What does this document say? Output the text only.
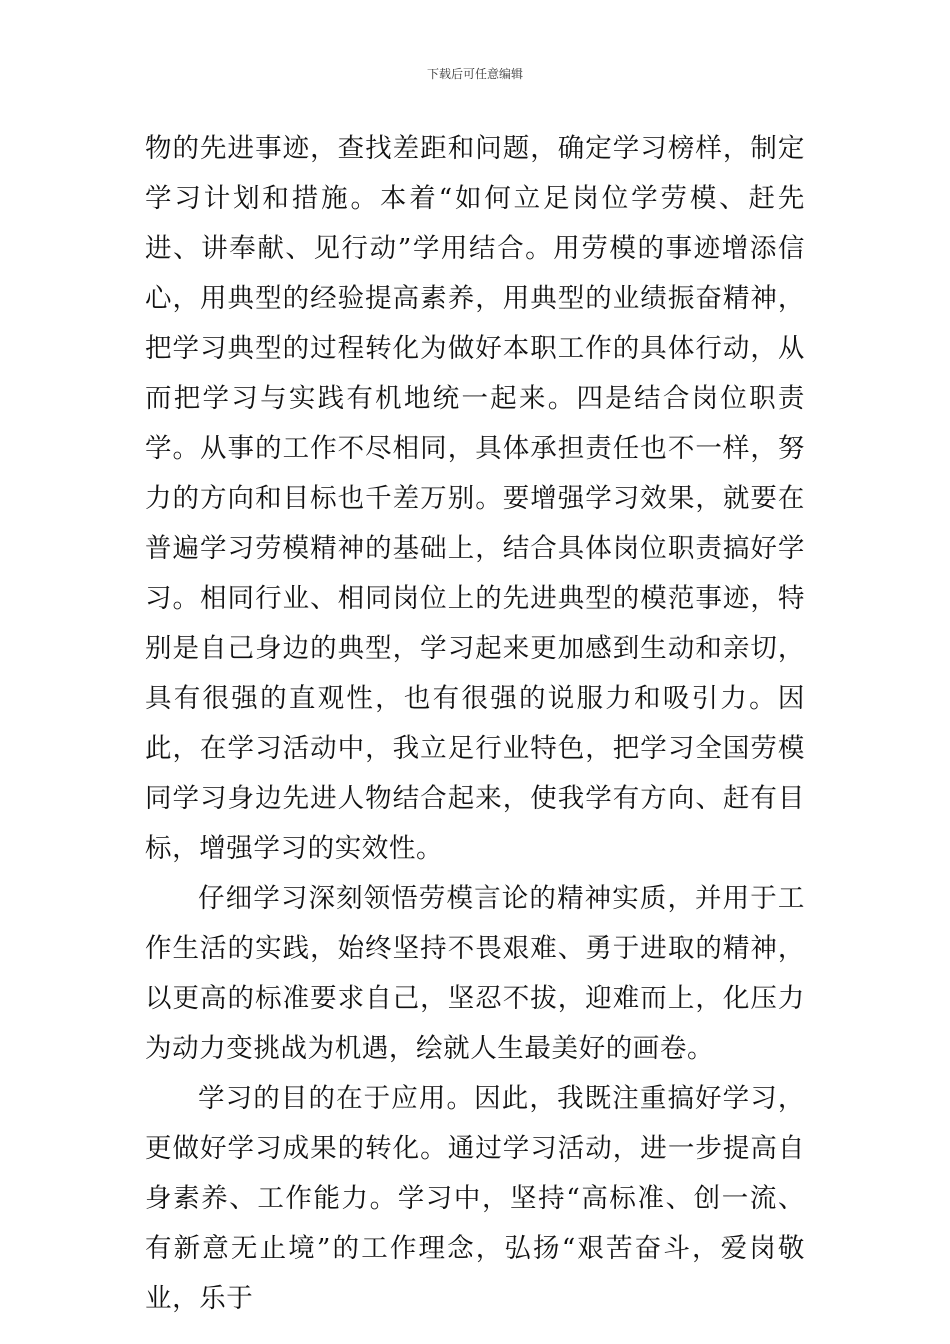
下载后可任意编辑

物的先进事迹，查找差距和问题，确定学习榜样，制定学习计划和措施。本着“如何立足岗位学劳模、赶先进、讲奉献、见行动”学用结合。用劳模的事迹增添信心，用典型的经验提高素养，用典型的业绩振奋精神，把学习典型的过程转化为做好本职工作的具体行动，从而把学习与实践有机地统一起来。四是结合岗位职责学。从事的工作不尽相同，具体承担责任也不一样，努力的方向和目标也千差万别。要增强学习效果，就要在普遍学习劳模精神的基础上，结合具体岗位职责搞好学习。相同行业、相同岗位上的先进典型的模范事迹，特别是自己身边的典型，学习起来更加感到生动和亲切，具有很强的直观性，也有很强的说服力和吸引力。因此，在学习活动中，我立足行业特色，把学习全国劳模同学习身边先进人物结合起来，使我学有方向、赶有目标，增强学习的实效性。

仔细学习深刻领悟劳模言论的精神实质，并用于工作生活的实践，始终坚持不畏艰难、勇于进取的精神，以更高的标准要求自己，坚忍不拔，迎难而上，化压力为动力变挑战为机遇，绘就人生最美好的画卷。

学习的目的在于应用。因此，我既注重搞好学习，更做好学习成果的转化。通过学习活动，进一步提高自身素养、工作能力。学习中，坚持“高标准、创一流、有新意无止境”的工作理念，弘扬“艰苦奋斗，爱岗敬业，乐于
